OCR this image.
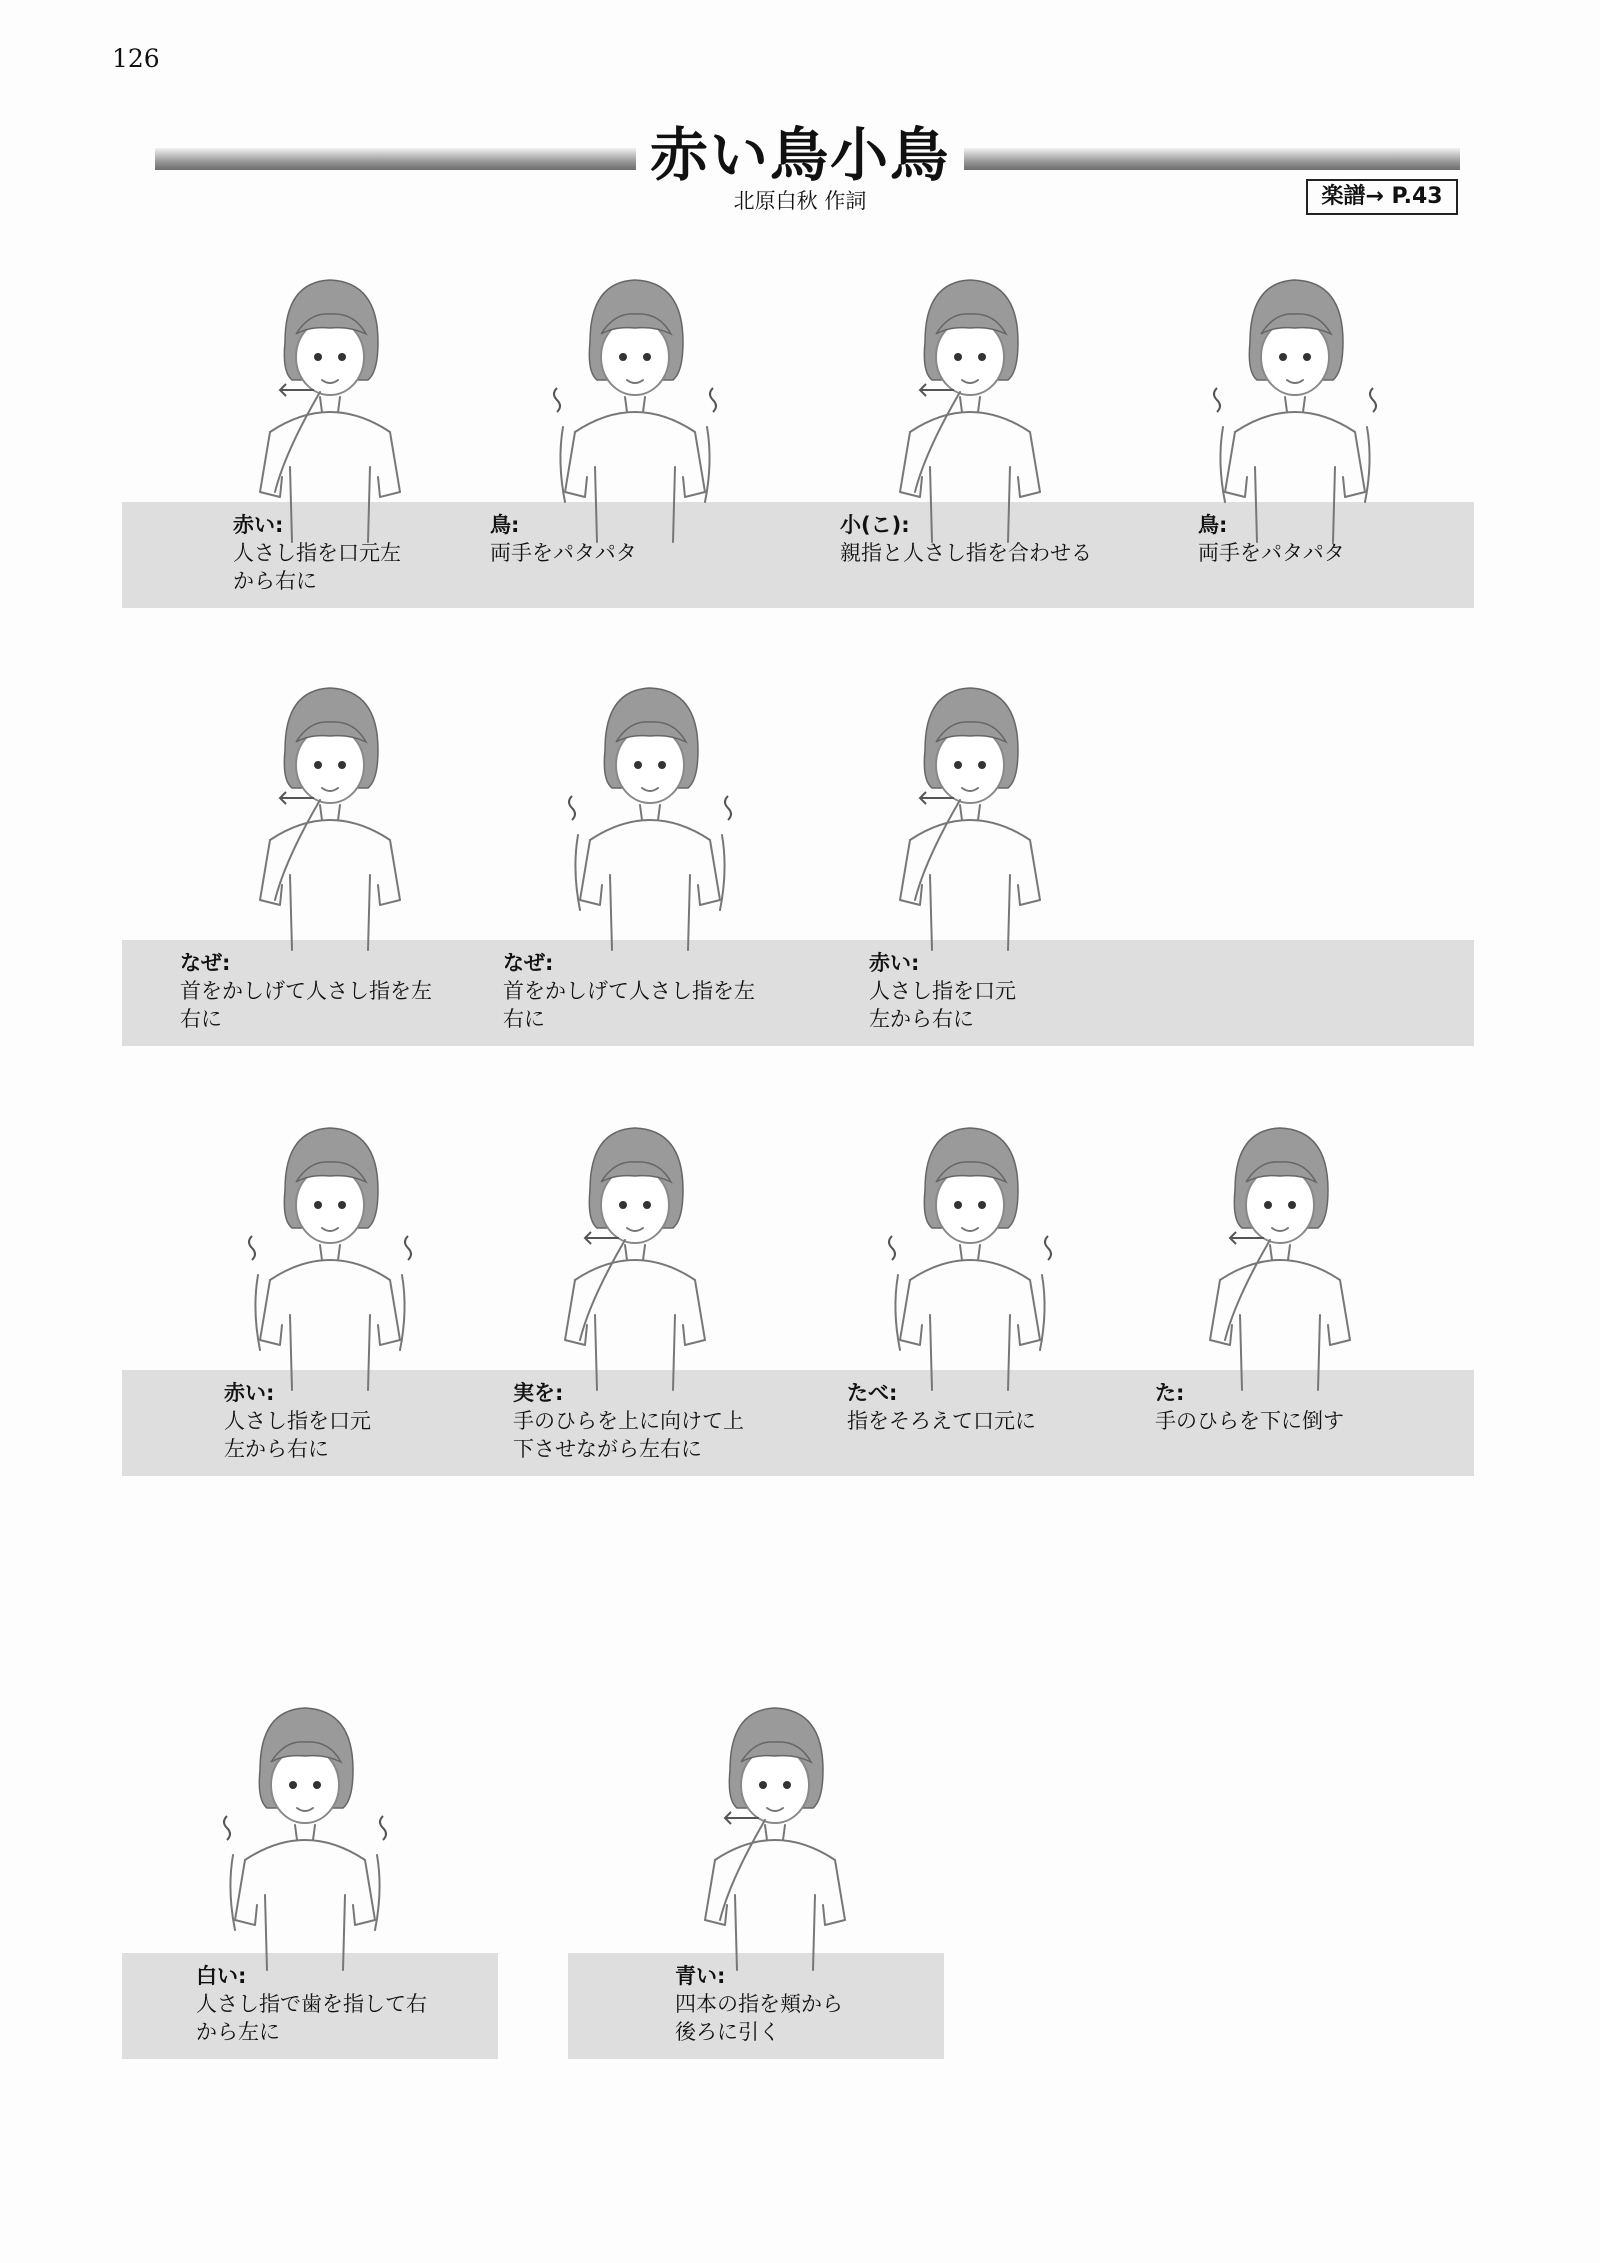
126
赤い鳥小鳥
北原白秋 作詞	楽譜→ P.43
赤い:
人さし指を口元左
から右に
鳥:
両手をパタパタ
小(こ):
親指と人さし指を合わせる
鳥:
両手をパタパタ
なぜ:
首をかしげて人さし指を左
右に
なぜ:
首をかしげて人さし指を左
右に
赤い:
人さし指を口元
左から右に
赤い:
人さし指を口元
左から右に
実を:
手のひらを上に向けて上
下させながら左右に
たべ:
指をそろえて口元に
た:
手のひらを下に倒す
白い:
人さし指で歯を指して右
から左に
青い:
四本の指を頬から
後ろに引く
